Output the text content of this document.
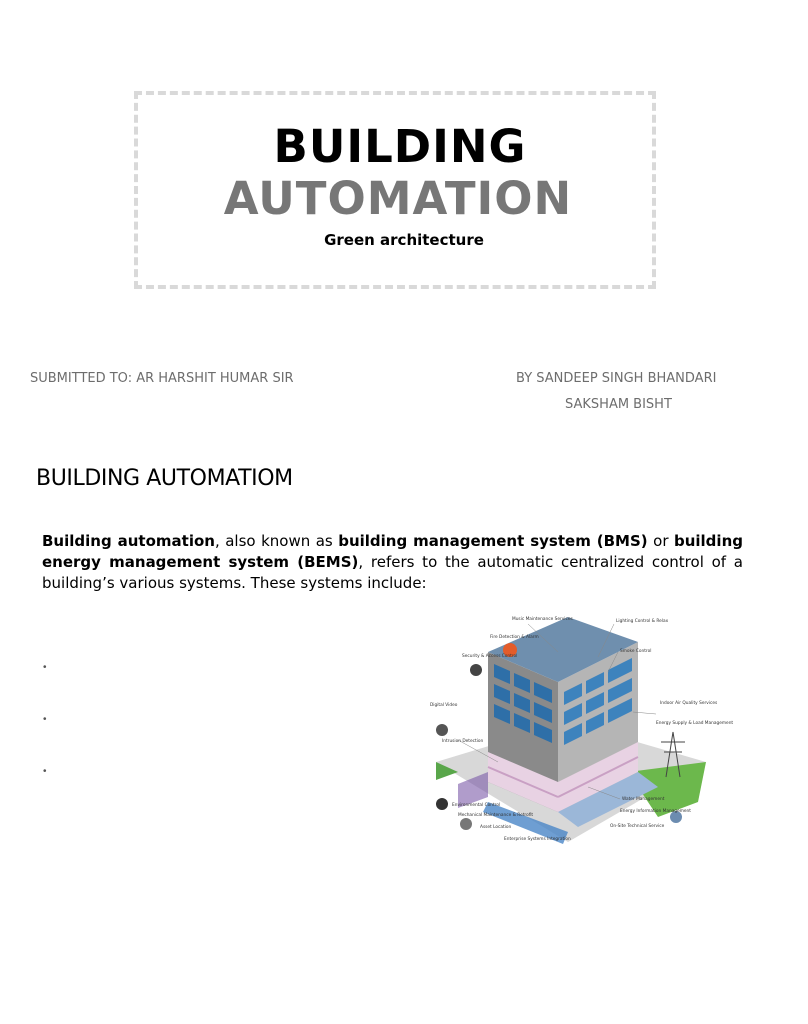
BUILDING
AUTOMATION
Green architecture
SUBMITTED TO: AR HARSHIT HUMAR SIR	BY SANDEEP SINGH BHANDARI
SAKSHAM BISHT
BUILDING AUTOMATIOM
Building automation, also known as building management system (BMS) or building energy management system (BEMS), refers to the automatic centralized control of a building’s various systems. These systems include:
•
•
•
Music Maintenance Services
Fire Detection & Alarm
Security & Access Control
Lighting Control & Relax
Smoke Control
Digital Video	Indoor Air Quality Services
Intrusion Detection
Energy Supply & Load Management
Water Management
Environmental Control
Mechanical Maintenance & Retrofit
Asset Location
Energy Information Management
Enterprise Systems Integration
On-Site Technical Service
